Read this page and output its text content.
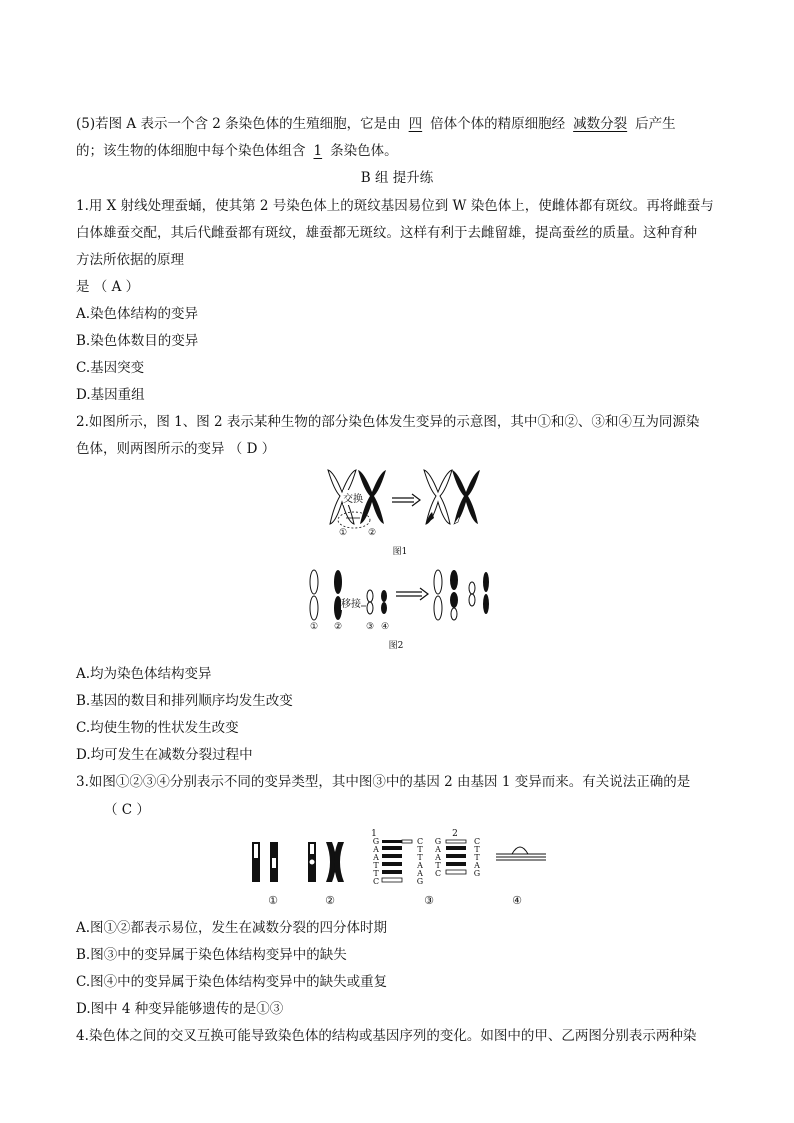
(5)若图 A 表示一个含 2 条染色体的生殖细胞，它是由 四 倍体个体的精原细胞经 减数分裂 后产生
的；该生物的体细胞中每个染色体组含 1 条染色体。
B 组 提升练
1.用 X 射线处理蚕蛹，使其第 2 号染色体上的斑纹基因易位到 W 染色体上，使雌体都有斑纹。再将雌蚕与
白体雄蚕交配，其后代雌蚕都有斑纹，雄蚕都无斑纹。这样有利于去雌留雄，提高蚕丝的质量。这种育种
方法所依据的原理
是 （ A ）
A.染色体结构的变异
B.染色体数目的变异
C.基因突变
D.基因重组
2.如图所示，图 1、图 2 表示某种生物的部分染色体发生变异的示意图，其中①和②、③和④互为同源染
色体，则两图所示的变异 （ D ）
交换
①	②
图1
移接
①	②	③ ④
图2
A.均为染色体结构变异
B.基因的数目和排列顺序均发生改变
C.均使生物的性状发生改变
D.均可发生在减数分裂过程中
3.如图①②③④分别表示不同的变异类型，其中图③中的基因 2 由基因 1 变异而来。有关说法正确的是
（ C ）
1	2
G
A
A
T
T
C
C
T
T
A
A
G
G
A
A
T
C
C
T
T
A
G
①	②	③	④
A.图①②都表示易位，发生在减数分裂的四分体时期
B.图③中的变异属于染色体结构变异中的缺失
C.图④中的变异属于染色体结构变异中的缺失或重复
D.图中 4 种变异能够遗传的是①③
4.染色体之间的交叉互换可能导致染色体的结构或基因序列的变化。如图中的甲、乙两图分别表示两种染
